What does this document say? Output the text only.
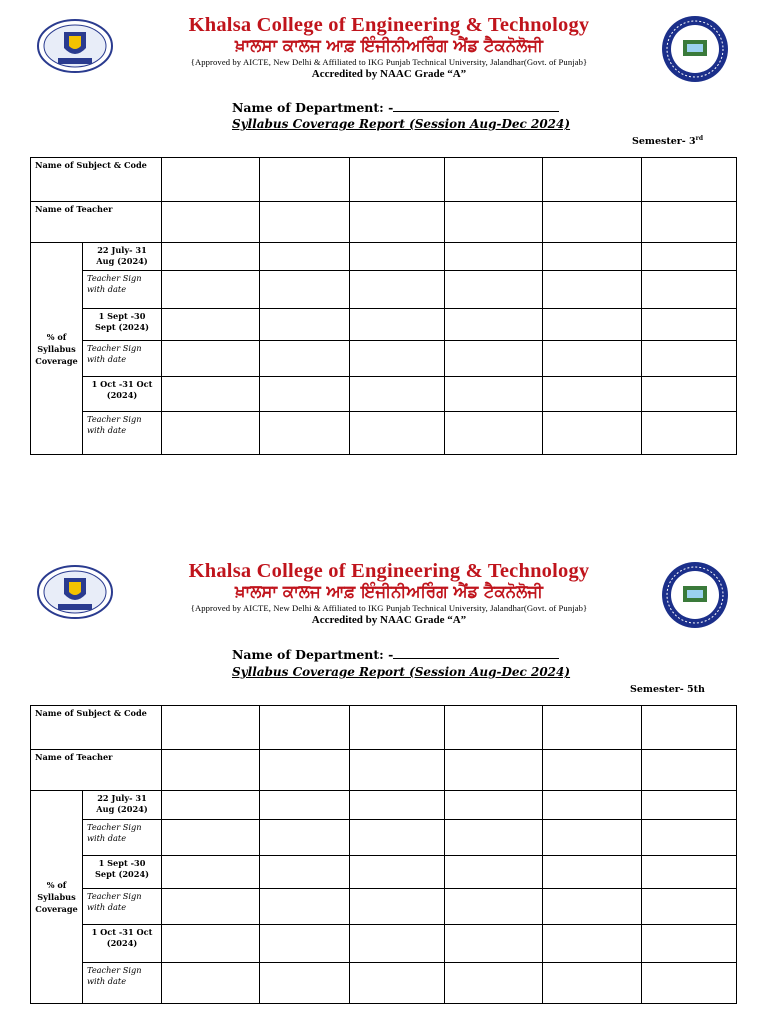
Khalsa College of Engineering & Technology
ਖ਼ਾਲਸਾ ਕਾਲਜ ਆਫ਼ ਇੰਜੀਨੀਅਰਿੰਗ ਐਂਡ ਟੈਕਨੋਲੋਜੀ
{Approved by AICTE, New Delhi & Affiliated to IKG Punjab Technical University, Jalandhar(Govt. of Punjab}
Accredited by NAAC Grade “A”
Name of Department: -
Syllabus Coverage Report (Session Aug-Dec 2024)
Semester- 3rd
Name of Subject & Code							
Name of Teacher							
% of Syllabus Coverage	22 July- 31 Aug (2024)						
	Teacher Sign with date						
	1 Sept -30 Sept (2024)						
	Teacher Sign with date						
	1 Oct -31 Oct (2024)						
	Teacher Sign with date						
Khalsa College of Engineering & Technology
ਖ਼ਾਲਸਾ ਕਾਲਜ ਆਫ਼ ਇੰਜੀਨੀਅਰਿੰਗ ਐਂਡ ਟੈਕਨੋਲੋਜੀ
{Approved by AICTE, New Delhi & Affiliated to IKG Punjab Technical University, Jalandhar(Govt. of Punjab}
Accredited by NAAC Grade “A”
Name of Department: -
Syllabus Coverage Report (Session Aug-Dec 2024)
Semester- 5th
Name of Subject & Code							
Name of Teacher							
% of Syllabus Coverage	22 July- 31 Aug (2024)						
	Teacher Sign with date						
	1 Sept -30 Sept (2024)						
	Teacher Sign with date						
	1 Oct -31 Oct (2024)						
	Teacher Sign with date						
